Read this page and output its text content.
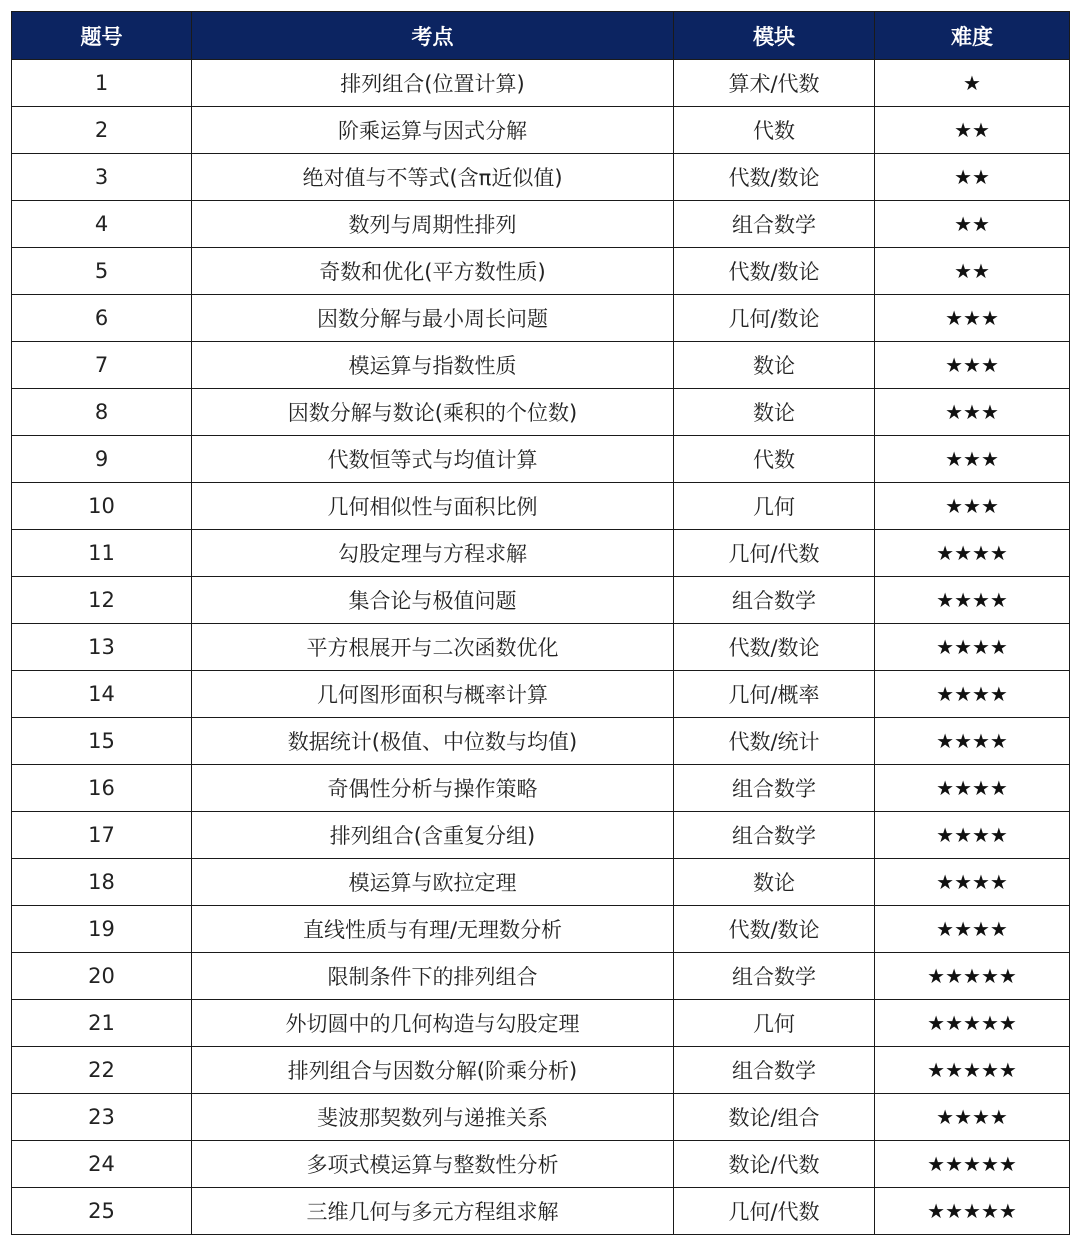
题号	考点	模块	难度
1	排列组合(位置计算)	算术/代数	★
2	阶乘运算与因式分解	代数	★★
3	绝对值与不等式(含π近似值)	代数/数论	★★
4	数列与周期性排列	组合数学	★★
5	奇数和优化(平方数性质)	代数/数论	★★
6	因数分解与最小周长问题	几何/数论	★★★
7	模运算与指数性质	数论	★★★
8	因数分解与数论(乘积的个位数)	数论	★★★
9	代数恒等式与均值计算	代数	★★★
10	几何相似性与面积比例	几何	★★★
11	勾股定理与方程求解	几何/代数	★★★★
12	集合论与极值问题	组合数学	★★★★
13	平方根展开与二次函数优化	代数/数论	★★★★
14	几何图形面积与概率计算	几何/概率	★★★★
15	数据统计(极值、中位数与均值)	代数/统计	★★★★
16	奇偶性分析与操作策略	组合数学	★★★★
17	排列组合(含重复分组)	组合数学	★★★★
18	模运算与欧拉定理	数论	★★★★
19	直线性质与有理/无理数分析	代数/数论	★★★★
20	限制条件下的排列组合	组合数学	★★★★★
21	外切圆中的几何构造与勾股定理	几何	★★★★★
22	排列组合与因数分解(阶乘分析)	组合数学	★★★★★
23	斐波那契数列与递推关系	数论/组合	★★★★
24	多项式模运算与整数性分析	数论/代数	★★★★★
25	三维几何与多元方程组求解	几何/代数	★★★★★
